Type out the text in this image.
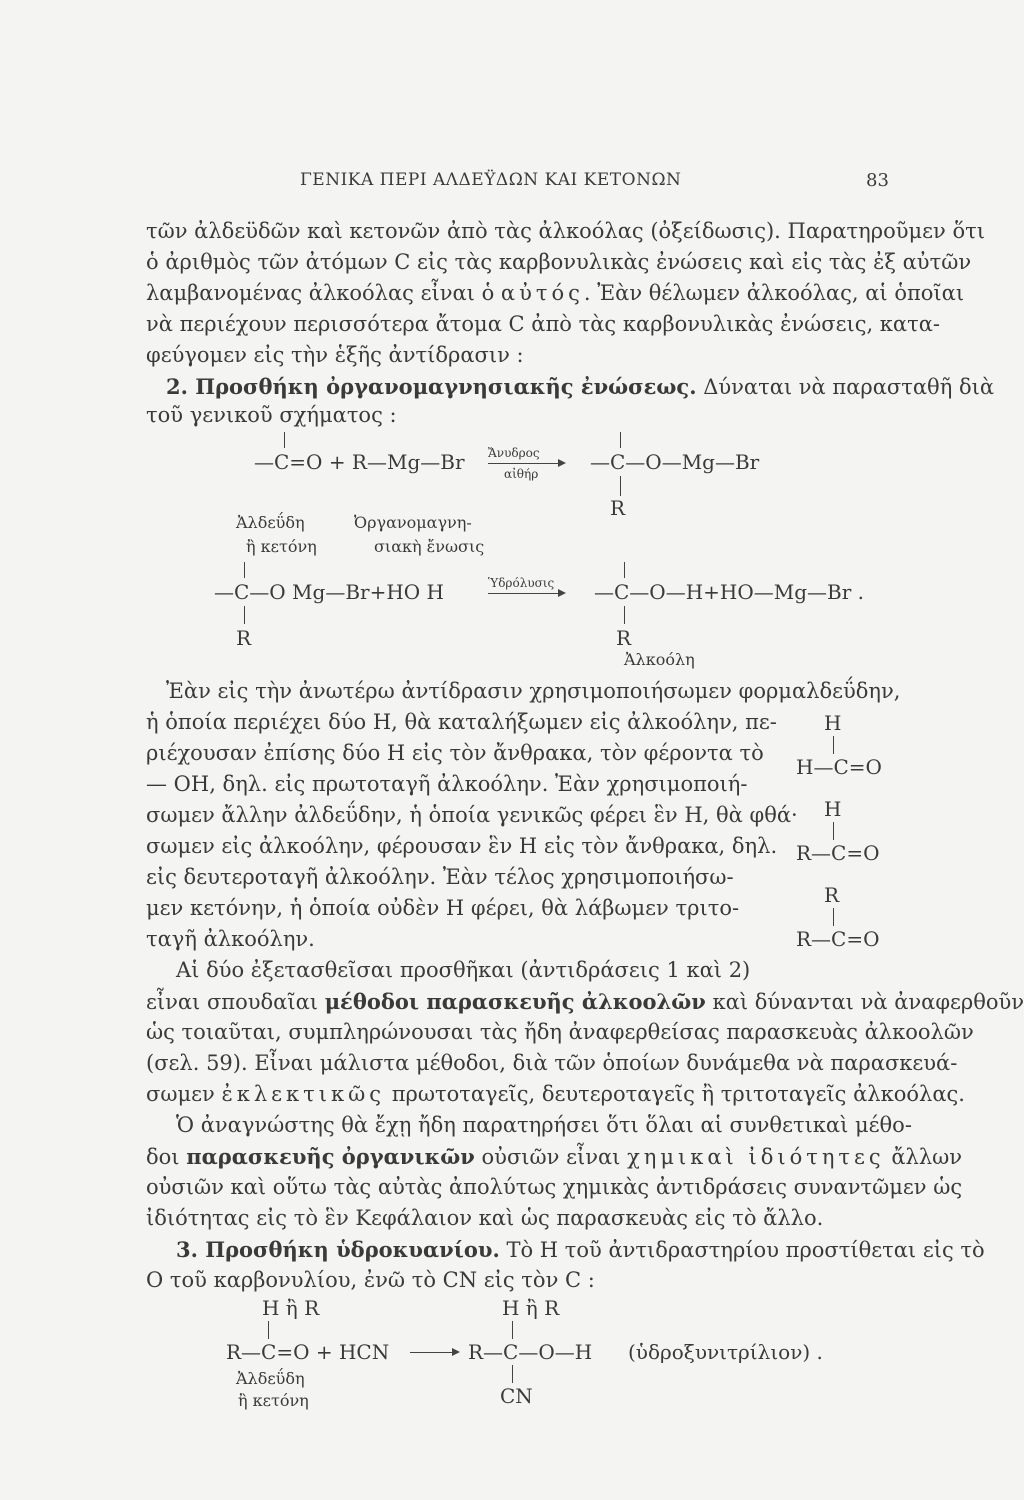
ΓΕΝΙΚΑ ΠΕΡΙ ΑΛΔΕΫΔΩΝ ΚΑΙ ΚΕΤΟΝΩΝ	83
τῶν ἀλδεϋδῶν καὶ κετονῶν ἀπὸ τὰς ἀλκοόλας (ὀξείδωσις). Παρατηροῦμεν ὅτι
ὁ ἀριθμὸς τῶν ἀτόμων C εἰς τὰς καρβονυλικὰς ἐνώσεις καὶ εἰς τὰς ἐξ αὐτῶν
λαμβανομένας ἀλκοόλας εἶναι ὁ αὐτός. Ἐὰν θέλωμεν ἀλκοόλας, αἱ ὁποῖαι
νὰ περιέχουν περισσότερα ἄτομα C ἀπὸ τὰς καρβονυλικὰς ἐνώσεις, κατα-
φεύγομεν εἰς τὴν ἑξῆς ἀντίδρασιν :
2. Προσθήκη ὀργανομαγνησιακῆς ἐνώσεως. Δύναται νὰ παρασταθῆ διὰ
τοῦ γενικοῦ σχήματος :
—C=O + R—Mg—Br Ἄνυδρος
αἰθήρ	—C—O—Mg—Br
R
Ἀλδεΰδη
ἢ κετόνη
Ὀργανομαγνη-
σιακὴ ἔνωσις
—C—O Mg—Br+HO H
R
Ὑδρόλυσις —C—O—H+HO—Mg—Br .
R
Ἀλκοόλη
Ἐὰν εἰς τὴν ἀνωτέρω ἀντίδρασιν χρησιμοποιήσωμεν φορμαλδεΰδην,
ἡ ὁποία περιέχει δύο H, θὰ καταλήξωμεν εἰς ἀλκοόλην, πε-
ριέχουσαν ἐπίσης δύο H εἰς τὸν ἄνθρακα, τὸν φέροντα τὸ
— OH, δηλ. εἰς πρωτοταγῆ ἀλκοόλην. Ἐὰν χρησιμοποιή-
σωμεν ἄλλην ἀλδεΰδην, ἡ ὁποία γενικῶς φέρει ἓν H, θὰ φθά·
σωμεν εἰς ἀλκοόλην, φέρουσαν ἓν H εἰς τὸν ἄνθρακα, δηλ.
εἰς δευτεροταγῆ ἀλκοόλην. Ἐὰν τέλος χρησιμοποιήσω-
μεν κετόνην, ἡ ὁποία οὐδὲν H φέρει, θὰ λάβωμεν τριτο-
ταγῆ ἀλκοόλην.
H
H—C=O
H
R—C=O
R
R—C=O
Αἱ δύο ἐξετασθεῖσαι προσθῆκαι (ἀντιδράσεις 1 καὶ 2)
εἶναι σπουδαῖαι μέθοδοι παρασκευῆς ἀλκοολῶν καὶ δύνανται νὰ ἀναφερθοῦν
ὡς τοιαῦται, συμπληρώνουσαι τὰς ἤδη ἀναφερθείσας παρασκευὰς ἀλκοολῶν
(σελ. 59). Εἶναι μάλιστα μέθοδοι, διὰ τῶν ὁποίων δυνάμεθα νὰ παρασκευά-
σωμεν ἐκλεκτικῶς πρωτοταγεῖς, δευτεροταγεῖς ἢ τριτοταγεῖς ἀλκοόλας.
Ὁ ἀναγνώστης θὰ ἔχῃ ἤδη παρατηρήσει ὅτι ὅλαι αἱ συνθετικαὶ μέθο-
δοι παρασκευῆς ὀργανικῶν οὐσιῶν εἶναι χημικαὶ ἰδιότητες ἄλλων
οὐσιῶν καὶ οὕτω τὰς αὐτὰς ἀπολύτως χημικὰς ἀντιδράσεις συναντῶμεν ὡς
ἰδιότητας εἰς τὸ ἓν Κεφάλαιον καὶ ὡς παρασκευὰς εἰς τὸ ἄλλο.
3. Προσθήκη ὑδροκυανίου. Τὸ H τοῦ ἀντιδραστηρίου προστίθεται εἰς τὸ
O τοῦ καρβονυλίου, ἐνῶ τὸ CN εἰς τὸν C :
H ἢ R	H ἢ R
R—C=O + HCN → R—C—O—H (ὑδροξυνιτρίλιον) .
CN
Ἀλδεΰδη
ἢ κετόνη
